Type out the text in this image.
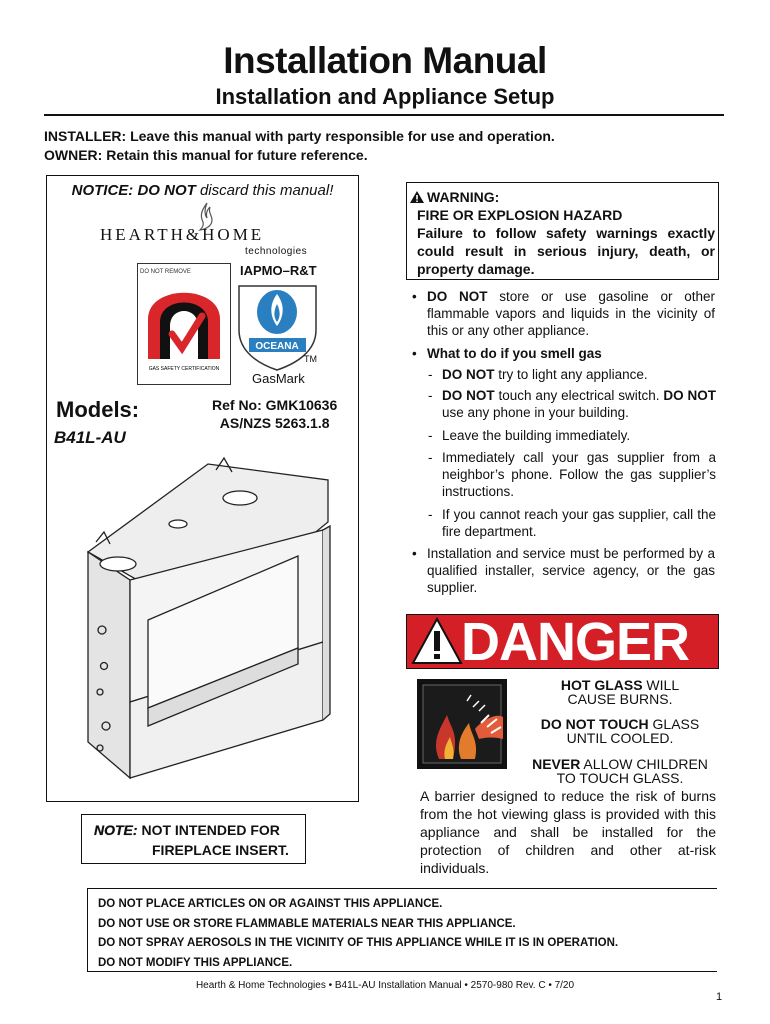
Installation Manual
Installation and Appliance Setup
INSTALLER: Leave this manual with party responsible for use and operation.
OWNER: Retain this manual for future reference.
NOTICE: DO NOT discard this manual!
HEARTH&HOME
technologies
GAS SAFETY CERTIFICATION
DO NOT REMOVE	IAPMO–R&T
OCEANA
TM
GasMark
Models:
B41L-AU
Ref No: GMK10636
AS/NZS 5263.1.8
NOTE: NOT INTENDED FOR
FIREPLACE INSERT.
WARNING:
FIRE OR EXPLOSION HAZARD
Failure to follow safety warnings exactly could result in serious injury, death, or property damage.
• DO NOT store or use gasoline or other flammable vapors and liquids in the vicinity of this or any other appliance.
• What to do if you smell gas
- DO NOT try to light any appliance.
- DO NOT touch any electrical switch. DO NOT use any phone in your building.
- Leave the building immediately.
- Immediately call your gas supplier from a neighbor’s phone. Follow the gas supplier’s instructions.
- If you cannot reach your gas supplier, call the fire department.
• Installation and service must be performed by a qualified installer, service agency, or the gas supplier.
DANGER
HOT GLASS WILL
CAUSE BURNS.
DO NOT TOUCH GLASS
UNTIL COOLED.
NEVER ALLOW CHILDREN
TO TOUCH GLASS.
A barrier designed to reduce the risk of burns from the hot viewing glass is provided with this appliance and shall be installed for the protection of children and other at-risk individuals.
DO NOT PLACE ARTICLES ON OR AGAINST THIS APPLIANCE.
DO NOT USE OR STORE FLAMMABLE MATERIALS NEAR THIS APPLIANCE.
DO NOT SPRAY AEROSOLS IN THE VICINITY OF THIS APPLIANCE WHILE IT IS IN OPERATION.
DO NOT MODIFY THIS APPLIANCE.
Hearth & Home Technologies • B41L-AU Installation Manual • 2570-980 Rev. C • 7/20
1
